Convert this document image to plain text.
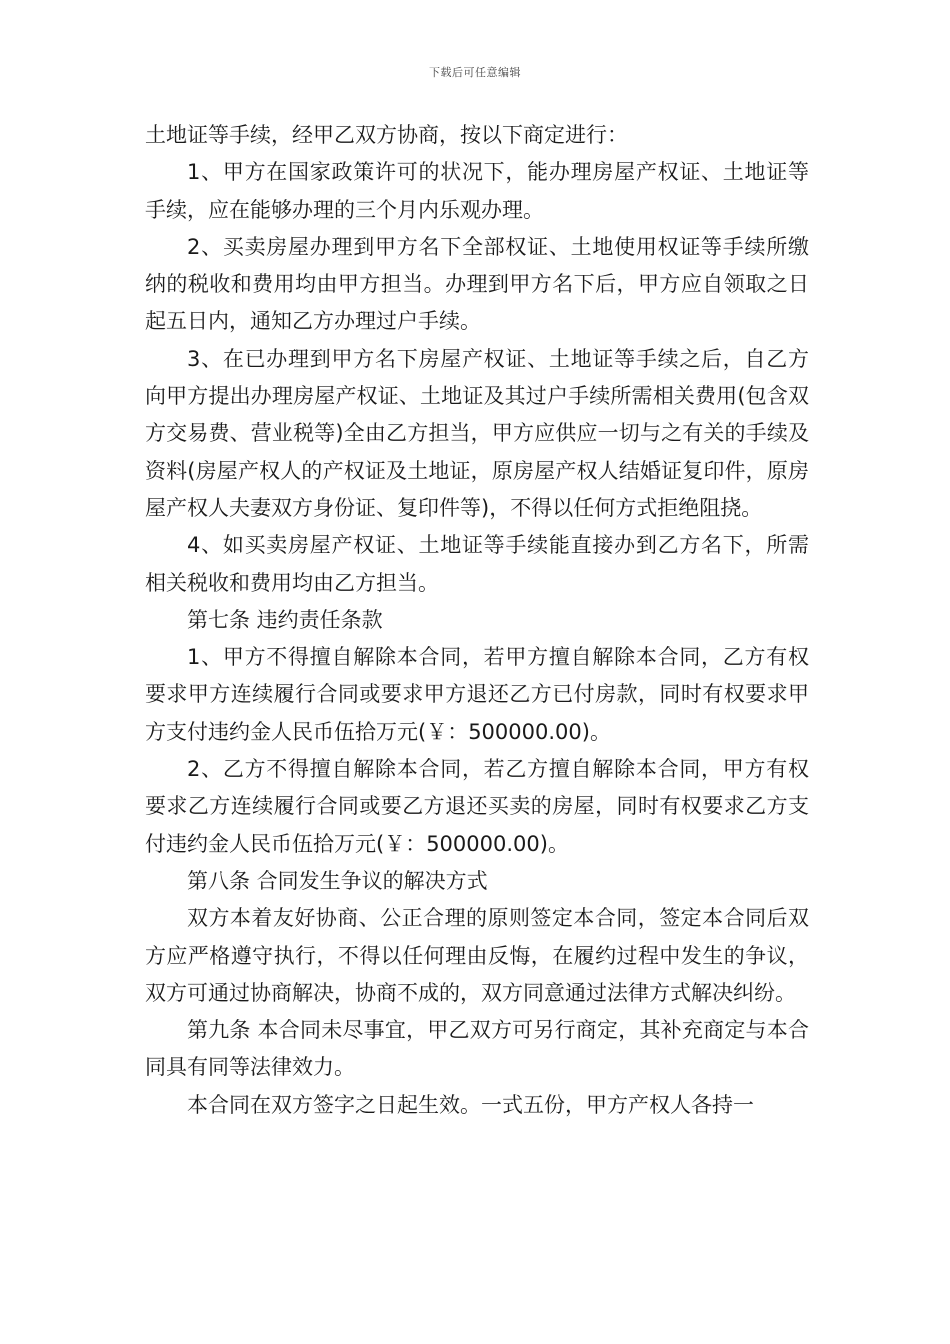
下载后可任意编辑

土地证等手续，经甲乙双方协商，按以下商定进行：

1、甲方在国家政策许可的状况下，能办理房屋产权证、土地证等手续，应在能够办理的三个月内乐观办理。

2、买卖房屋办理到甲方名下全部权证、土地使用权证等手续所缴纳的税收和费用均由甲方担当。办理到甲方名下后，甲方应自领取之日起五日内，通知乙方办理过户手续。

3、在已办理到甲方名下房屋产权证、土地证等手续之后，自乙方向甲方提出办理房屋产权证、土地证及其过户手续所需相关费用(包含双方交易费、营业税等)全由乙方担当，甲方应供应一切与之有关的手续及资料(房屋产权人的产权证及土地证，原房屋产权人结婚证复印件，原房屋产权人夫妻双方身份证、复印件等)，不得以任何方式拒绝阻挠。

4、如买卖房屋产权证、土地证等手续能直接办到乙方名下，所需相关税收和费用均由乙方担当。

第七条 违约责任条款

1、甲方不得擅自解除本合同，若甲方擅自解除本合同，乙方有权要求甲方连续履行合同或要求甲方退还乙方已付房款，同时有权要求甲方支付违约金人民币伍拾万元(￥：500000.00)。

2、乙方不得擅自解除本合同，若乙方擅自解除本合同，甲方有权要求乙方连续履行合同或要乙方退还买卖的房屋，同时有权要求乙方支付违约金人民币伍拾万元(￥：500000.00)。

第八条 合同发生争议的解决方式

双方本着友好协商、公正合理的原则签定本合同，签定本合同后双方应严格遵守执行，不得以任何理由反悔，在履约过程中发生的争议，双方可通过协商解决，协商不成的，双方同意通过法律方式解决纠纷。

第九条 本合同未尽事宜，甲乙双方可另行商定，其补充商定与本合同具有同等法律效力。

本合同在双方签字之日起生效。一式五份，甲方产权人各持一
